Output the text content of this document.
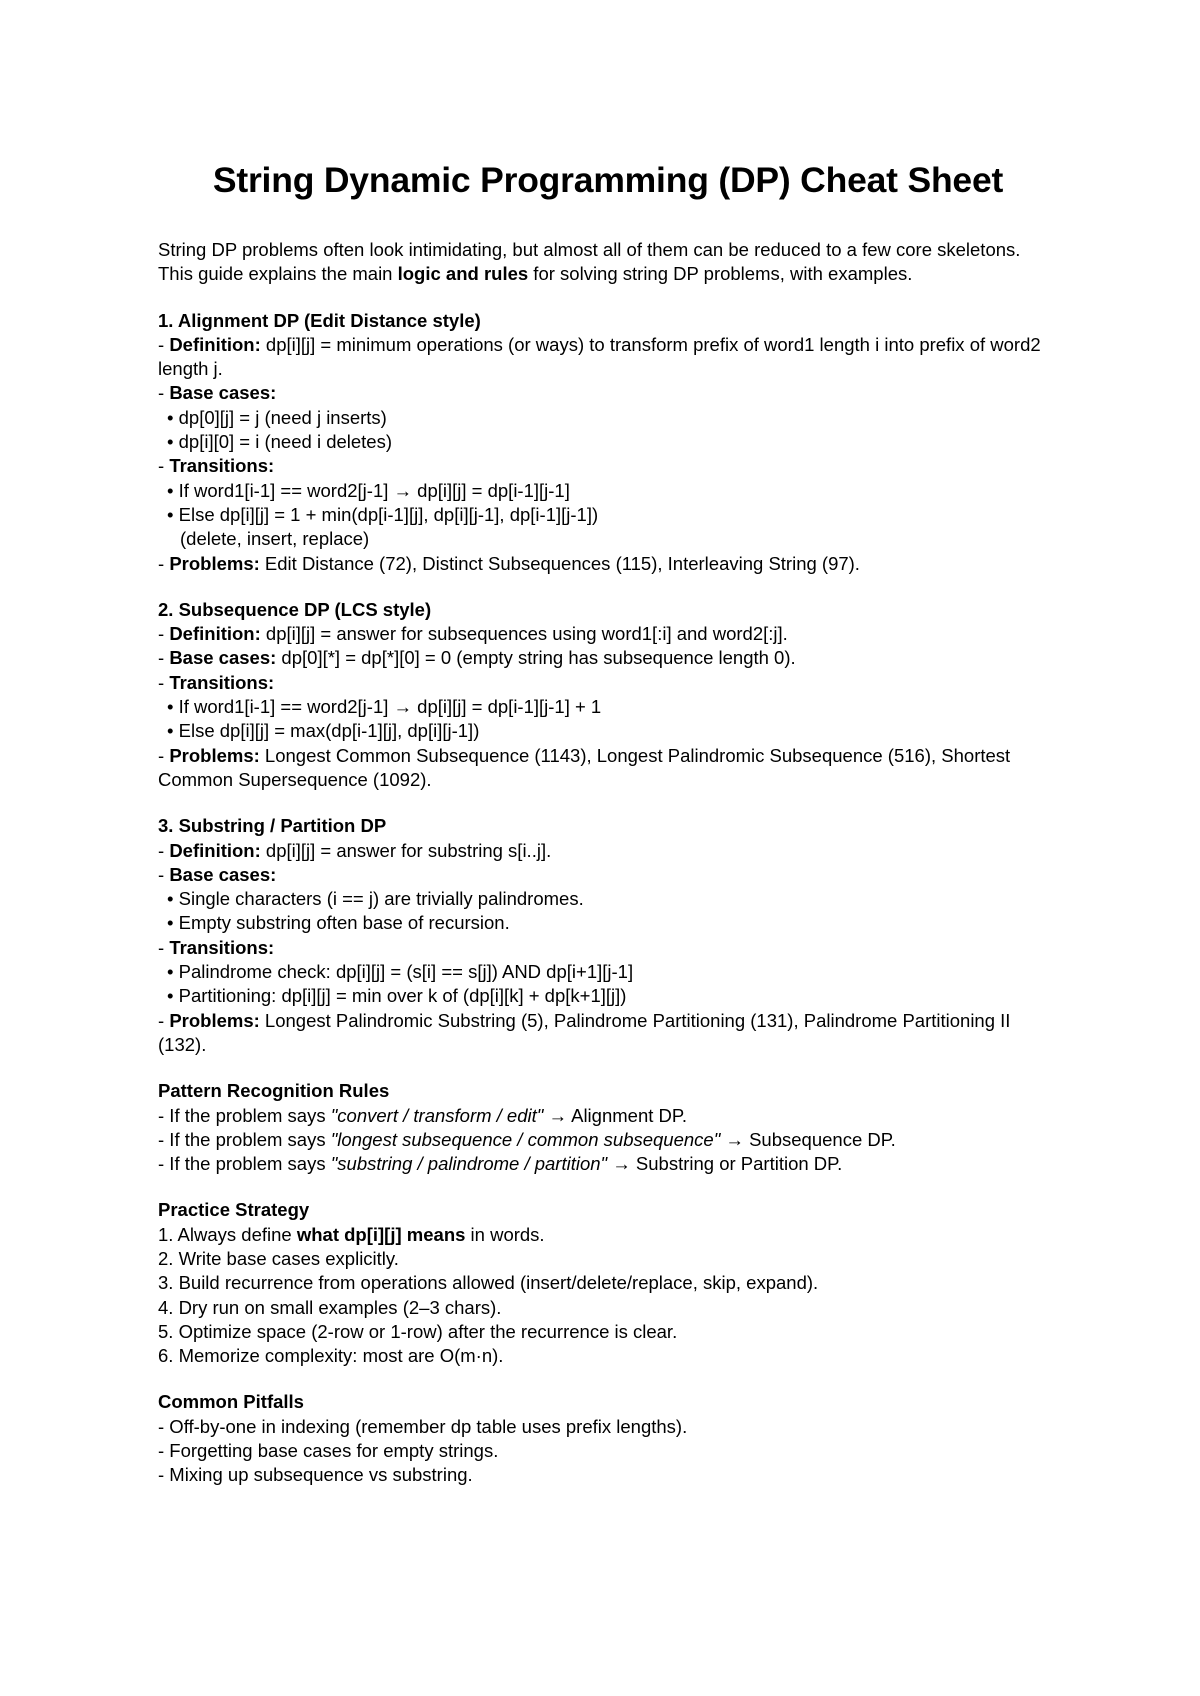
String Dynamic Programming (DP) Cheat Sheet

String DP problems often look intimidating, but almost all of them can be reduced to a few core skeletons. This guide explains the main logic and rules for solving string DP problems, with examples.

1. Alignment DP (Edit Distance style)
- Definition: dp[i][j] = minimum operations (or ways) to transform prefix of word1 length i into prefix of word2 length j.
- Base cases:
• dp[0][j] = j (need j inserts)
• dp[i][0] = i (need i deletes)
- Transitions:
• If word1[i-1] == word2[j-1] → dp[i][j] = dp[i-1][j-1]
• Else dp[i][j] = 1 + min(dp[i-1][j], dp[i][j-1], dp[i-1][j-1])
(delete, insert, replace)
- Problems: Edit Distance (72), Distinct Subsequences (115), Interleaving String (97).
2. Subsequence DP (LCS style)
- Definition: dp[i][j] = answer for subsequences using word1[:i] and word2[:j].
- Base cases: dp[0][*] = dp[*][0] = 0 (empty string has subsequence length 0).
- Transitions:
• If word1[i-1] == word2[j-1] → dp[i][j] = dp[i-1][j-1] + 1
• Else dp[i][j] = max(dp[i-1][j], dp[i][j-1])
- Problems: Longest Common Subsequence (1143), Longest Palindromic Subsequence (516), Shortest Common Supersequence (1092).
3. Substring / Partition DP
- Definition: dp[i][j] = answer for substring s[i..j].
- Base cases:
• Single characters (i == j) are trivially palindromes.
• Empty substring often base of recursion.
- Transitions:
• Palindrome check: dp[i][j] = (s[i] == s[j]) AND dp[i+1][j-1]
• Partitioning: dp[i][j] = min over k of (dp[i][k] + dp[k+1][j])
- Problems: Longest Palindromic Substring (5), Palindrome Partitioning (131), Palindrome Partitioning II (132).
Pattern Recognition Rules
- If the problem says "convert / transform / edit" → Alignment DP.
- If the problem says "longest subsequence / common subsequence" → Subsequence DP.
- If the problem says "substring / palindrome / partition" → Substring or Partition DP.
Practice Strategy
1. Always define what dp[i][j] means in words.
2. Write base cases explicitly.
3. Build recurrence from operations allowed (insert/delete/replace, skip, expand).
4. Dry run on small examples (2–3 chars).
5. Optimize space (2-row or 1-row) after the recurrence is clear.
6. Memorize complexity: most are O(m·n).
Common Pitfalls
- Off-by-one in indexing (remember dp table uses prefix lengths).
- Forgetting base cases for empty strings.
- Mixing up subsequence vs substring.
